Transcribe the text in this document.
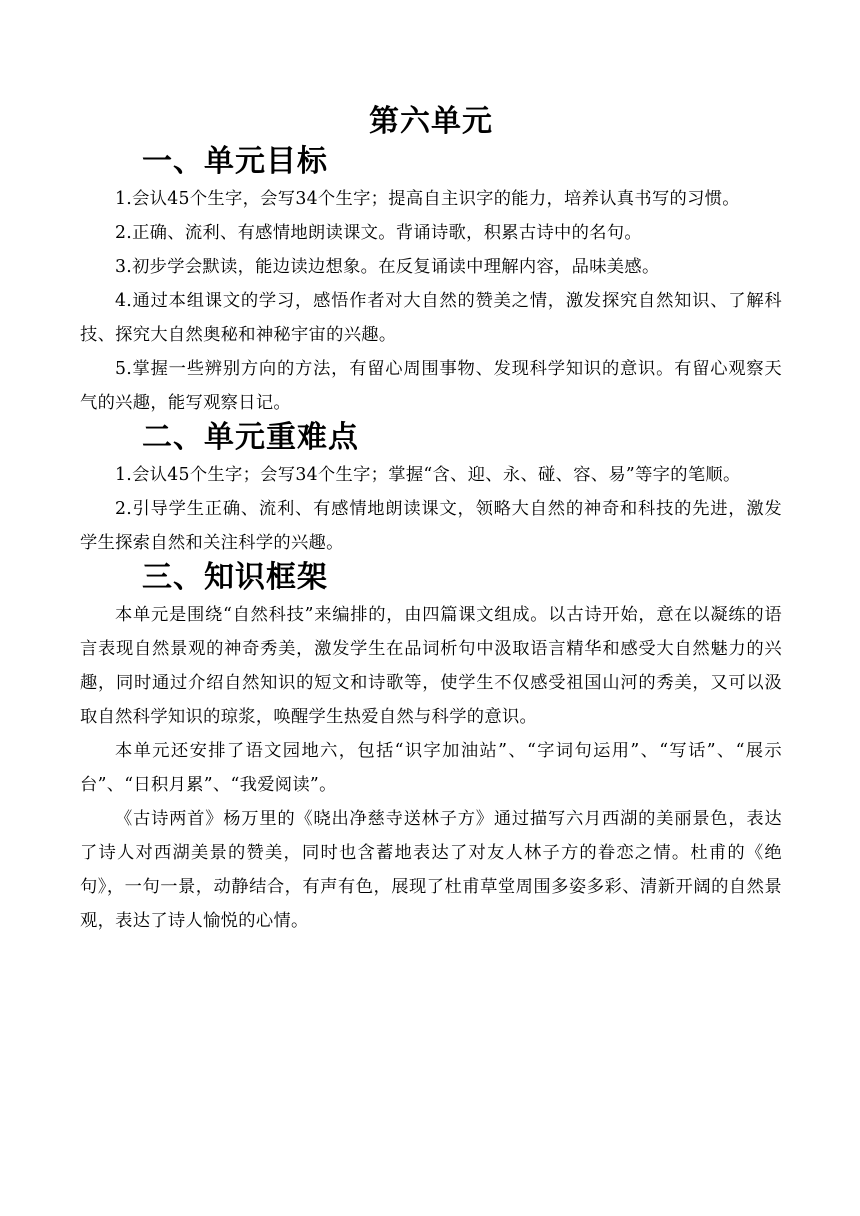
第六单元
一、单元目标

1.会认45个生字，会写34个生字；提高自主识字的能力，培养认真书写的习惯。

2.正确、流利、有感情地朗读课文。背诵诗歌，积累古诗中的名句。

3.初步学会默读，能边读边想象。在反复诵读中理解内容，品味美感。

4.通过本组课文的学习，感悟作者对大自然的赞美之情，激发探究自然知识、了解科技、探究大自然奥秘和神秘宇宙的兴趣。

5.掌握一些辨别方向的方法，有留心周围事物、发现科学知识的意识。有留心观察天气的兴趣，能写观察日记。

二、单元重难点

1.会认45个生字；会写34个生字；掌握“含、迎、永、碰、容、易”等字的笔顺。

2.引导学生正确、流利、有感情地朗读课文，领略大自然的神奇和科技的先进，激发学生探索自然和关注科学的兴趣。

三、知识框架

本单元是围绕“自然科技”来编排的，由四篇课文组成。以古诗开始，意在以凝练的语言表现自然景观的神奇秀美，激发学生在品词析句中汲取语言精华和感受大自然魅力的兴趣，同时通过介绍自然知识的短文和诗歌等，使学生不仅感受祖国山河的秀美，又可以汲取自然科学知识的琼浆，唤醒学生热爱自然与科学的意识。

本单元还安排了语文园地六，包括“识字加油站”、“字词句运用”、“写话”、“展示台”、“日积月累”、“我爱阅读”。

《古诗两首》杨万里的《晓出净慈寺送林子方》通过描写六月西湖的美丽景色，表达了诗人对西湖美景的赞美，同时也含蓄地表达了对友人林子方的眷恋之情。杜甫的《绝句》，一句一景，动静结合，有声有色，展现了杜甫草堂周围多姿多彩、清新开阔的自然景观，表达了诗人愉悦的心情。
